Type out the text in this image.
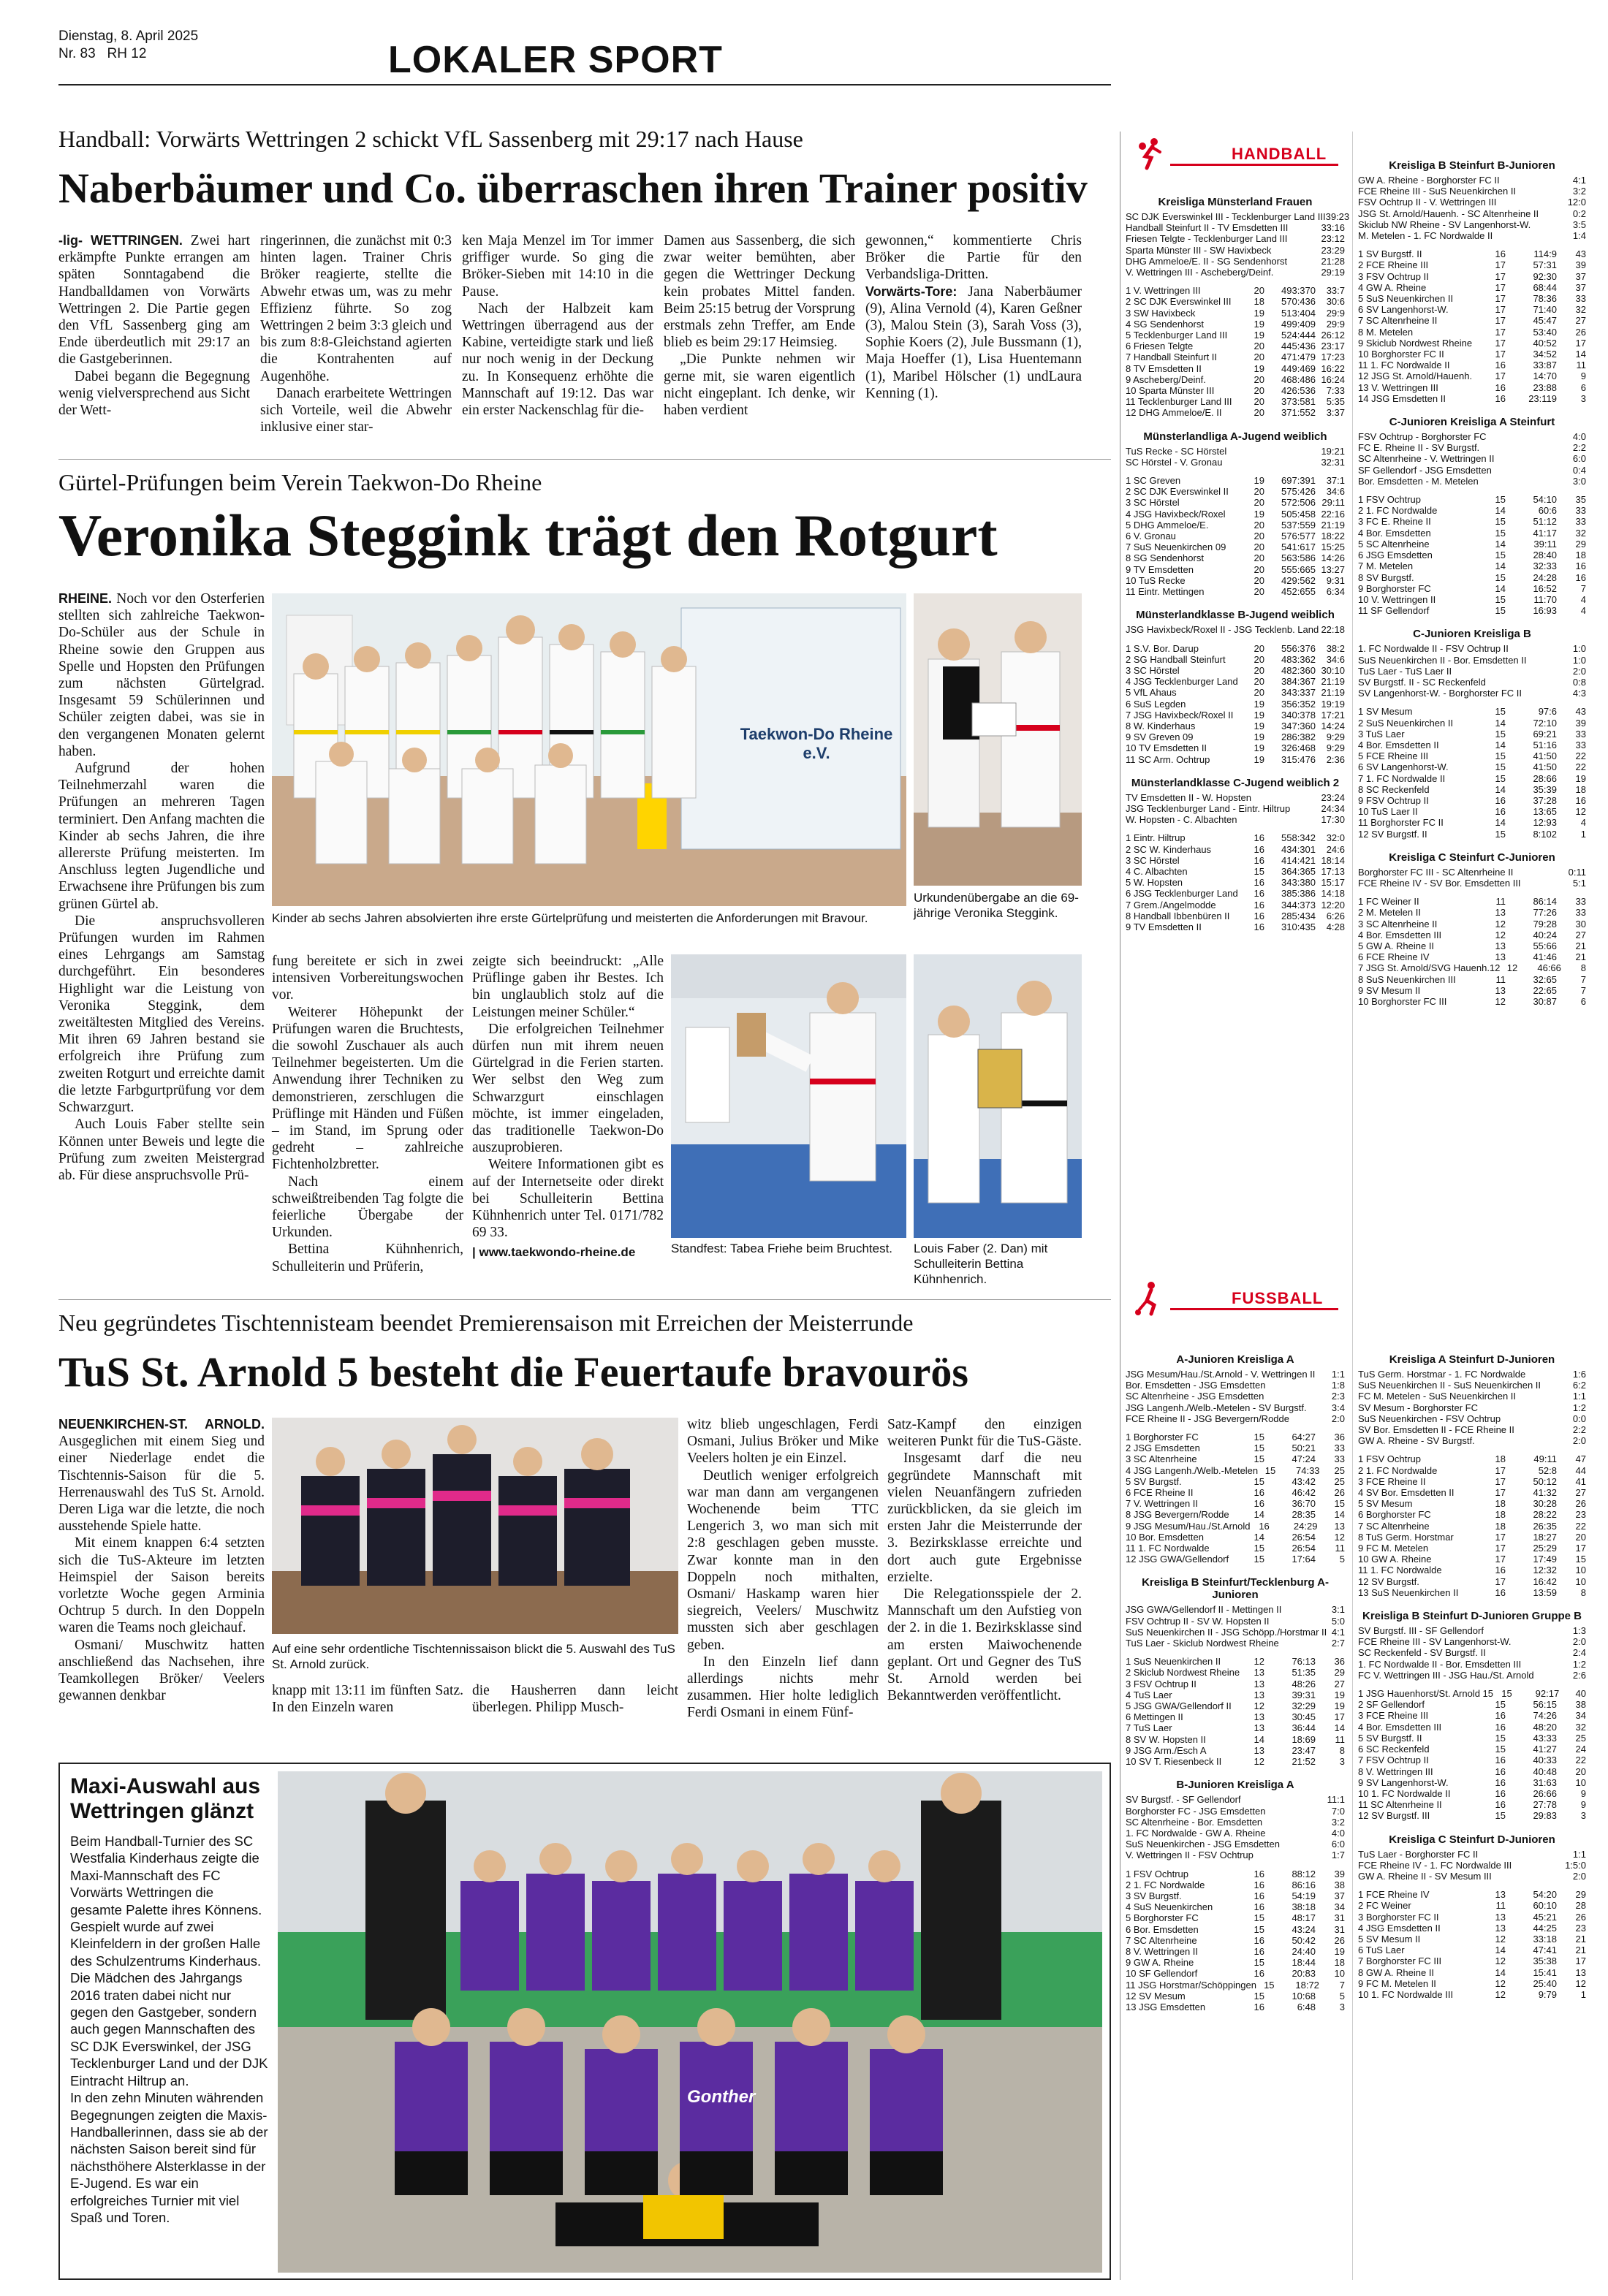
Dienstag, 8. April 2025
Nr. 83 RH 12	LOKALER SPORT
Handball: Vorwärts Wettringen 2 schickt VfL Sassenberg mit 29:17 nach Hause
Naberbäumer und Co. überraschen ihren Trainer positiv

-lig- WETTRINGEN. Zwei hart erkämpfte Punkte errangen am späten Sonntagabend die Handballdamen von Vorwärts Wettringen 2. Die Partie gegen den VfL Sassenberg ging am Ende überdeutlich mit 29:17 an die Gastgeberinnen.

Dabei begann die Begegnung wenig vielversprechend aus Sicht der Wett-

ringerinnen, die zunächst mit 0:3 hinten lagen. Trainer Chris Bröker reagierte, stellte die Abwehr etwas um, was zu mehr Effizienz führte. So zog Wettringen 2 beim 3:3 gleich und bis zum 8:8-Gleichstand agierten die Kontrahenten auf Augenhöhe.

Danach erarbeitete Wettringen sich Vorteile, weil die Abwehr inklusive einer star-

ken Maja Menzel im Tor immer griffiger wurde. So ging die Bröker-Sieben mit 14:10 in die Pause.

Nach der Halbzeit kam Wettringen überragend aus der Kabine, verteidigte stark und ließ nur noch wenig in der Deckung zu. In Konsequenz erhöhte die Mannschaft auf 19:12. Das war ein erster Nackenschlag für die-

Damen aus Sassenberg, die sich zwar weiter bemühten, aber gegen die Wettringer Deckung kein probates Mittel fanden. Beim 25:15 betrug der Vorsprung erstmals zehn Treffer, am Ende blieb es beim 29:17 Heimsieg.

„Die Punkte nehmen wir gerne mit, sie waren eigentlich nicht eingeplant. Ich denke, wir haben verdient

gewonnen,“ kommentierte Chris Bröker die Partie für den Verbandsliga-Dritten.

Vorwärts-Tore: Jana Naberbäumer (9), Alina Vernold (4), Karen Geßner (3), Malou Stein (3), Sarah Voss (3), Sophie Koers (2), Jule Bussmann (1), Maja Hoeffer (1), Lisa Huentemann (1), Maribel Hölscher (1) undLaura Kenning (1).

Gürtel-Prüfungen beim Verein Taekwon-Do Rheine
Veronika Steggink trägt den Rotgurt

RHEINE. Noch vor den Osterferien stellten sich zahlreiche Taekwon-Do-Schüler aus der Schule in Rheine sowie den Gruppen aus Spelle und Hopsten den Prüfungen zum nächsten Gürtelgrad. Insgesamt 59 Schülerinnen und Schüler zeigten dabei, was sie in den vergangenen Monaten gelernt haben.

Aufgrund der hohen Teilnehmerzahl waren die Prüfungen an mehreren Tagen terminiert. Den Anfang machten die Kinder ab sechs Jahren, die ihre allererste Prüfung meisterten. Im Anschluss legten Jugendliche und Erwachsene ihre Prüfungen bis zum grünen Gürtel ab.

Die anspruchsvolleren Prüfungen wurden im Rahmen eines Lehrgangs am Samstag durchgeführt. Ein besonderes Highlight war die Leistung von Veronika Steggink, dem zweitältesten Mitglied des Vereins. Mit ihren 69 Jahren bestand sie erfolgreich ihre Prüfung zum zweiten Rotgurt und erreichte damit die letzte Farbgurtprüfung vor dem Schwarzgurt.

Auch Louis Faber stellte sein Können unter Beweis und legte die Prüfung zum zweiten Meistergrad ab. Für diese anspruchsvolle Prü-

Taekwon-Do Rheine e.V.
Kinder ab sechs Jahren absolvierten ihre erste Gürtelprüfung und meisterten die Anforderungen mit Bravour.
Urkundenübergabe an die 69-jährige Veronika Steggink.

fung bereitete er sich in zwei intensiven Vorbereitungswochen vor.

Weiterer Höhepunkt der Prüfungen waren die Bruchtests, die sowohl Zuschauer als auch Teilnehmer begeisterten. Um die Anwendung ihrer Techniken zu demonstrieren, zerschlugen die Prüflinge mit Händen und Füßen – im Stand, im Sprung oder gedreht – zahlreiche Fichtenholzbretter.

Nach einem schweißtreibenden Tag folgte die feierliche Übergabe der Urkunden.

Bettina Kühnhenrich, Schulleiterin und Prüferin,

zeigte sich beeindruckt: „Alle Prüflinge gaben ihr Bestes. Ich bin unglaublich stolz auf die Leistungen meiner Schüler.“

Die erfolgreichen Teilnehmer dürfen nun mit ihrem neuen Gürtelgrad in die Ferien starten. Wer selbst den Weg zum Schwarzgurt einschlagen möchte, ist immer eingeladen, das traditionelle Taekwon-Do auszuprobieren.

Weitere Informationen gibt es auf der Internetseite oder direkt bei Schulleiterin Bettina Kühnhenrich unter Tel. 0171/782 69 33.

| www.taekwondo-rheine.de	Standfest: Tabea Friehe beim Bruchtest.	Louis Faber (2. Dan) mit Schulleiterin Bettina Kühnhenrich.
Neu gegründetes Tischtennisteam beendet Premierensaison mit Erreichen der Meisterrunde
TuS St. Arnold 5 besteht die Feuertaufe bravourös

NEUENKIRCHEN-ST. ARNOLD. Ausgeglichen mit einem Sieg und einer Niederlage endet die Tischtennis-Saison für die 5. Herrenauswahl des TuS St. Arnold. Deren Liga war die letzte, die noch ausstehende Spiele hatte.

Mit einem knappen 6:4 setzten sich die TuS-Akteure im letzten Heimspiel der Saison bereits vorletzte Woche gegen Arminia Ochtrup 5 durch. In den Doppeln waren die Teams noch gleichauf.

Osmani/ Muschwitz hatten anschließend das Nachsehen, ihre Teamkollegen Bröker/ Veelers gewannen denkbar

Auf eine sehr ordentliche Tischtennissaison blickt die 5. Auswahl des TuS St. Arnold zurück.

knapp mit 13:11 im fünften Satz. In den Einzeln waren

die Hausherren dann leicht überlegen. Philipp Musch-

witz blieb ungeschlagen, Ferdi Osmani, Julius Bröker und Mike Veelers holten je ein Einzel.

Deutlich weniger erfolgreich war man dann am vergangenen Wochenende beim TTC Lengerich 3, wo man sich mit 2:8 geschlagen geben musste. Zwar konnte man in den Doppeln noch mithalten, Osmani/ Haskamp waren hier siegreich, Veelers/ Muschwitz mussten sich aber geschlagen geben.

In den Einzeln lief dann allerdings nichts mehr zusammen. Hier holte lediglich Ferdi Osmani in einem Fünf-

Satz-Kampf den einzigen weiteren Punkt für die TuS-Gäste.

Insgesamt darf die neu gegründete Mannschaft mit vielen Neuanfängern zufrieden zurückblicken, da sie gleich im ersten Jahr die Meisterrunde der 3. Bezirksklasse erreichte und dort auch gute Ergebnisse erzielte.

Die Relegationsspiele der 2. Mannschaft um den Aufstieg von der 2. in die 1. Bezirksklasse sind am ersten Maiwochenende geplant. Ort und Gegner des TuS St. Arnold werden bei Bekanntwerden veröffentlicht.

Maxi-Auswahl aus Wettringen glänzt
Beim Handball-Turnier des SC Westfalia Kinderhaus zeigte die Maxi-Mannschaft des FC Vorwärts Wettringen die gesamte Palette ihres Könnens. Gespielt wurde auf zwei Kleinfeldern in der großen Halle des Schulzentrums Kinderhaus. Die Mädchen des Jahrgangs 2016 traten dabei nicht nur gegen den Gastgeber, sondern auch gegen Mannschaften des SC DJK Everswinkel, der JSG Tecklenburger Land und der DJK Eintracht Hiltrup an.
In den zehn Minuten währenden Begegnungen zeigten die Maxis-Handballerinnen, dass sie ab der nächsten Saison bereit sind für nächsthöhere Alsterklasse in der E-Jugend. Es war ein erfolgreiches Turnier mit viel Spaß und Toren.
Gonther
HANDBALL
Kreisliga Münsterland Frauen
SC DJK Everswinkel III - Tecklenburger Land III 39:23
Handball Steinfurt II - TV Emsdetten III	33:16
Friesen Telgte - Tecklenburger Land III	23:12
Sparta Münster III - SW Havixbeck	23:29
DHG Ammeloe/E. II - SG Sendenhorst	21:28
V. Wettringen III - Ascheberg/Deinf.	29:19
1 V. Wettringen III	20	493:370	33:7
2 SC DJK Everswinkel III	18	570:436	30:6
3 SW Havixbeck	19	513:404	29:9
4 SG Sendenhorst	19	499:409	29:9
5 Tecklenburger Land III	19	524:444 26:12
6 Friesen Telgte	20	445:436 23:17
7 Handball Steinfurt II	20	471:479 17:23
8 TV Emsdetten II	19	449:469 16:22
9 Ascheberg/Deinf.	20	468:486 16:24
10 Sparta Münster III	20	426:536	7:33
11 Tecklenburger Land III	20	373:581	5:35
12 DHG Ammeloe/E. II	20	371:552	3:37
Münsterlandliga A-Jugend weiblich
TuS Recke - SC Hörstel	19:21
SC Hörstel - V. Gronau	32:31
1 SC Greven	19	697:391	37:1
2 SC DJK Everswinkel II	20	575:426	34:6
3 SC Hörstel	20	572:506 29:11
4 JSG Havixbeck/Roxel	19	505:458 22:16
5 DHG Ammeloe/E.	20	537:559 21:19
6 V. Gronau	20	576:577 18:22
7 SuS Neuenkirchen 09	20	541:617 15:25
8 SG Sendenhorst	20	563:586 14:26
9 TV Emsdetten	20	555:665 13:27
10 TuS Recke	20	429:562	9:31
11 Eintr. Mettingen	20	452:655	6:34
Münsterlandklasse B-Jugend weiblich
JSG Havixbeck/Roxel II - JSG Tecklenb. Land 22:18
1 S.V. Bor. Darup	20	556:376	38:2
2 SG Handball Steinfurt	20	483:362	34:6
3 SC Hörstel	20	482:360 30:10
4 JSG Tecklenburger Land	20	384:367 21:19
5 VfL Ahaus	20	343:337 21:19
6 SuS Legden	19	356:352 19:19
7 JSG Havixbeck/Roxel II	19	340:378 17:21
8 W. Kinderhaus	19	347:360 14:24
9 SV Greven 09	19	286:382	9:29
10 TV Emsdetten II	19	326:468	9:29
11 SC Arm. Ochtrup	19	315:476	2:36
Münsterlandklasse C-Jugend weiblich 2
TV Emsdetten II - W. Hopsten	23:24
JSG Tecklenburger Land - Eintr. Hiltrup	24:34
W. Hopsten - C. Albachten	17:30
1 Eintr. Hiltrup	16	558:342	32:0
2 SC W. Kinderhaus	16	434:301	24:6
3 SC Hörstel	16	414:421 18:14
4 C. Albachten	15	364:365 17:13
5 W. Hopsten	16	343:380 15:17
6 JSG Tecklenburger Land	16	385:386 14:18
7 Grem./Angelmodde	16	344:373 12:20
8 Handball Ibbenbüren II	16	285:434	6:26
9 TV Emsdetten II	16	310:435	4:28
Kreisliga B Steinfurt B-Junioren
GW A. Rheine - Borghorster FC II	4:1
FCE Rheine III - SuS Neuenkirchen II	3:2
FSV Ochtrup II - V. Wettringen III	12:0
JSG St. Arnold/Hauenh. - SC Altenrheine II	0:2
Skiclub NW Rheine - SV Langenhorst-W.	3:5
M. Metelen - 1. FC Nordwalde II	1:4
1 SV Burgstf. II	16	114:9	43
2 FCE Rheine III	17	57:31	39
3 FSV Ochtrup II	17	92:30	37
4 GW A. Rheine	17	68:44	37
5 SuS Neuenkirchen II	17	78:36	33
6 SV Langenhorst-W.	17	71:40	32
7 SC Altenrheine II	17	45:47	27
8 M. Metelen	17	53:40	26
9 Skiclub Nordwest Rheine	17	40:52	17
10 Borghorster FC II	17	34:52	14
11 1. FC Nordwalde II	16	33:87	11
12 JSG St. Arnold/Hauenh.	17	14:70	9
13 V. Wettringen III	16	23:88	6
14 JSG Emsdetten II	16	23:119	3
C-Junioren Kreisliga A Steinfurt
FSV Ochtrup - Borghorster FC	4:0
FC E. Rheine II - SV Burgstf.	2:2
SC Altenrheine - V. Wettringen II	6:0
SF Gellendorf - JSG Emsdetten	0:4
Bor. Emsdetten - M. Metelen	3:0
1 FSV Ochtrup	15	54:10	35
2 1. FC Nordwalde	14	60:6	33
3 FC E. Rheine II	15	51:12	33
4 Bor. Emsdetten	15	41:17	32
5 SC Altenrheine	14	39:11	29
6 JSG Emsdetten	15	28:40	18
7 M. Metelen	14	32:33	16
8 SV Burgstf.	15	24:28	16
9 Borghorster FC	14	16:52	7
10 V. Wettringen II	15	11:70	4
11 SF Gellendorf	15	16:93	4
C-Junioren Kreisliga B
1. FC Nordwalde II - FSV Ochtrup II	1:0
SuS Neuenkirchen II - Bor. Emsdetten II	1:0
TuS Laer - TuS Laer II	2:0
SV Burgstf. II - SC Reckenfeld	0:8
SV Langenhorst-W. - Borghorster FC II	4:3
1 SV Mesum	15	97:6	43
2 SuS Neuenkirchen II	14	72:10	39
3 TuS Laer	15	69:21	33
4 Bor. Emsdetten II	14	51:16	33
5 FCE Rheine III	15	41:50	22
6 SV Langenhorst-W.	15	41:50	22
7 1. FC Nordwalde II	15	28:66	19
8 SC Reckenfeld	14	35:39	18
9 FSV Ochtrup II	16	37:28	16
10 TuS Laer II	16	13:65	12
11 Borghorster FC II	14	12:93	4
12 SV Burgstf. II	15	8:102	1
Kreisliga C Steinfurt C-Junioren
Borghorster FC III - SC Altenrheine II	0:11
FCE Rheine IV - SV Bor. Emsdetten III	5:1
1 FC Weiner II	11	86:14	33
2 M. Metelen II	13	77:26	33
3 SC Altenrheine II	12	79:28	30
4 Bor. Emsdetten III	12	40:24	27
5 GW A. Rheine II	13	55:66	21
6 FCE Rheine IV	13	41:46	21
7 JSG St. Arnold/SVG Hauenh.12 12	46:66	8
8 SuS Neuenkirchen III	11	32:65	7
9 SV Mesum II	13	22:65	7
10 Borghorster FC III	12	30:87	6
FUSSBALL
A-Junioren Kreisliga A
JSG Mesum/Hau./St.Arnold - V. Wettringen II	1:1
Bor. Emsdetten - JSG Emsdetten	1:8
SC Altenrheine - JSG Emsdetten	2:3
JSG Langenh./Welb.-Metelen - SV Burgstf.	3:4
FCE Rheine II - JSG Bevergern/Rodde	2:0
1 Borghorster FC	15	64:27	36
2 JSG Emsdetten	15	50:21	33
3 SC Altenrheine	15	47:24	33
4 JSG Langenh./Welb.-Metelen 15	74:33	25
5 SV Burgstf.	15	43:42	25
6 FCE Rheine II	16	46:42	26
7 V. Wettringen II	16	36:70	15
8 JSG Bevergern/Rodde	14	28:35	14
9 JSG Mesum/Hau./St.Arnold 16	24:29	13
10 Bor. Emsdetten	14	26:54	12
11 1. FC Nordwalde	15	26:54	11
12 JSG GWA/Gellendorf	15	17:64	5
Kreisliga B Steinfurt/Tecklenburg A-Junioren
JSG GWA/Gellendorf II - Mettingen II	3:1
FSV Ochtrup II - SV W. Hopsten II	5:0
SuS Neuenkirchen II - JSG Schöpp./Horstmar II 4:1
TuS Laer - Skiclub Nordwest Rheine	2:7
1 SuS Neuenkirchen II	12	76:13	36
2 Skiclub Nordwest Rheine	13	51:35	29
3 FSV Ochtrup II	13	48:26	27
4 TuS Laer	13	39:31	19
5 JSG GWA/Gellendorf II	12	32:29	19
6 Mettingen II	13	30:45	17
7 TuS Laer	13	36:44	14
8 SV W. Hopsten II	14	18:69	11
9 JSG Arm./Esch A	13	23:47	8
10 SV T. Riesenbeck II	12	21:52	3
B-Junioren Kreisliga A
SV Burgstf. - SF Gellendorf	11:1
Borghorster FC - JSG Emsdetten	7:0
SC Altenrheine - Bor. Emsdetten	3:2
1. FC Nordwalde - GW A. Rheine	4:0
SuS Neuenkirchen - JSG Emsdetten	6:0
V. Wettringen II - FSV Ochtrup	1:7
1 FSV Ochtrup	16	88:12	39
2 1. FC Nordwalde	16	86:16	38
3 SV Burgstf.	16	54:19	37
4 SuS Neuenkirchen	16	38:18	34
5 Borghorster FC	15	48:17	31
6 Bor. Emsdetten	15	43:24	31
7 SC Altenrheine	16	50:42	26
8 V. Wettringen II	16	24:40	19
9 GW A. Rheine	15	18:44	18
10 SF Gellendorf	16	20:83	10
11 JSG Horstmar/Schöppingen 15	18:72	7
12 SV Mesum	15	10:68	5
13 JSG Emsdetten	16	6:48	3
Kreisliga A Steinfurt D-Junioren
TuS Germ. Horstmar - 1. FC Nordwalde	1:6
SuS Neuenkirchen II - SuS Neuenkirchen II	6:2
FC M. Metelen - SuS Neuenkirchen II	1:1
SV Mesum - Borghorster FC	1:2
SuS Neuenkirchen - FSV Ochtrup	0:0
SV Bor. Emsdetten II - FCE Rheine II	2:2
GW A. Rheine - SV Burgstf.	2:0
1 FSV Ochtrup	18	49:11	47
2 1. FC Nordwalde	17	52:8	44
3 FCE Rheine II	17	50:12	41
4 SV Bor. Emsdetten II	17	41:32	27
5 SV Mesum	18	30:28	26
6 Borghorster FC	18	28:22	23
7 SC Altenrheine	18	26:35	22
8 TuS Germ. Horstmar	17	18:27	20
9 FC M. Metelen	17	25:29	17
10 GW A. Rheine	17	17:49	15
11 1. FC Nordwalde	16	12:32	10
12 SV Burgstf.	17	16:42	10
13 SuS Neuenkirchen II	16	13:59	8
Kreisliga B Steinfurt D-Junioren Gruppe B
SV Burgstf. III - SF Gellendorf	1:3
FCE Rheine III - SV Langenhorst-W.	2:0
SC Reckenfeld - SV Burgstf. II	2:4
1. FC Nordwalde II - Bor. Emsdetten III	1:2
FC V. Wettringen III - JSG Hau./St. Arnold	2:6
1 JSG Hauenhorst/St. Arnold 15 15	92:17	40
2 SF Gellendorf	15	56:15	38
3 FCE Rheine III	16	74:26	34
4 Bor. Emsdetten III	16	48:20	32
5 SV Burgstf. II	15	43:33	25
6 SC Reckenfeld	15	41:27	24
7 FSV Ochtrup II	16	40:33	22
8 V. Wettringen III	16	40:48	20
9 SV Langenhorst-W.	16	31:63	10
10 1. FC Nordwalde II	16	26:66	9
11 SC Altenrheine II	16	27:78	9
12 SV Burgstf. III	15	29:83	3
Kreisliga C Steinfurt D-Junioren
TuS Laer - Borghorster FC II	1:1
FCE Rheine IV - 1. FC Nordwalde III	1:5:0
GW A. Rheine II - SV Mesum III	2:0
1 FCE Rheine IV	13	54:20	29
2 FC Weiner	11	60:10	28
3 Borghorster FC II	13	45:21	26
4 JSG Emsdetten II	13	44:25	23
5 SV Mesum II	12	33:18	21
6 TuS Laer	14	47:41	21
7 Borghorster FC III	12	35:38	17
8 GW A. Rheine II	14	15:41	13
9 FC M. Metelen II	12	25:40	12
10 1. FC Nordwalde III	12	9:79	1
